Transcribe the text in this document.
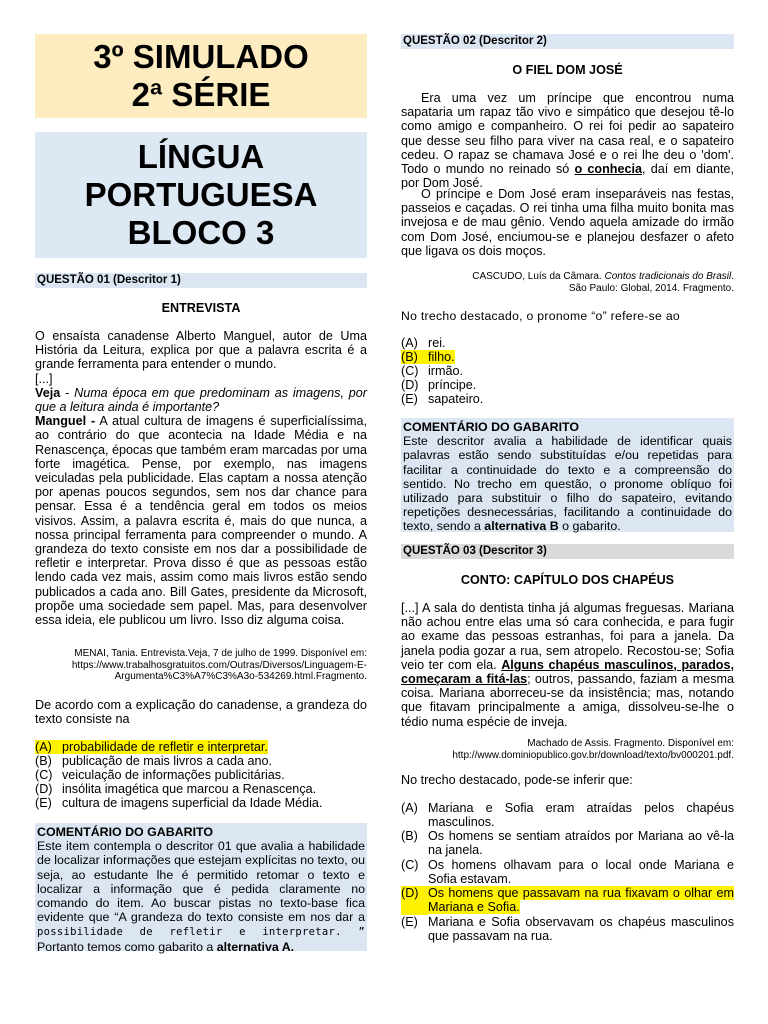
3º SIMULADO
2ª SÉRIE
LÍNGUA
PORTUGUESA
BLOCO 3
QUESTÃO 01 (Descritor 1)
ENTREVISTA
O ensaísta canadense Alberto Manguel, autor de Uma História da Leitura, explica por que a palavra escrita é a grande ferramenta para entender o mundo.
[...]
Veja - Numa época em que predominam as imagens, por que a leitura ainda é importante?
Manguel - A atual cultura de imagens é superficialíssima, ao contrário do que acontecia na Idade Média e na Renascença, épocas que também eram marcadas por uma forte imagética. Pense, por exemplo, nas imagens veiculadas pela publicidade. Elas captam a nossa atenção por apenas poucos segundos, sem nos dar chance para pensar. Essa é a tendência geral em todos os meios visivos. Assim, a palavra escrita é, mais do que nunca, a nossa principal ferramenta para compreender o mundo. A grandeza do texto consiste em nos dar a possibilidade de refletir e interpretar. Prova disso é que as pessoas estão lendo cada vez mais, assim como mais livros estão sendo publicados a cada ano. Bill Gates, presidente da Microsoft, propõe uma sociedade sem papel. Mas, para desenvolver essa ideia, ele publicou um livro. Isso diz alguma coisa.
MENAI, Tania. Entrevista.Veja, 7 de julho de 1999. Disponível em: https://www.trabalhosgratuitos.com/Outras/Diversos/Linguagem-E-Argumenta%C3%A7%C3%A3o-534269.html.Fragmento.
De acordo com a explicação do canadense, a grandeza do texto consiste na
(A) probabilidade de refletir e interpretar.
(B) publicação de mais livros a cada ano.
(C) veiculação de informações publicitárias.
(D) insólita imagética que marcou a Renascença.
(E) cultura de imagens superficial da Idade Média.
COMENTÁRIO DO GABARITO
Este item contempla o descritor 01 que avalia a habilidade de localizar informações que estejam explícitas no texto, ou seja, ao estudante lhe é permitido retomar o texto e localizar a informação que é pedida claramente no comando do item. Ao buscar pistas no texto-base fica evidente que “A grandeza do texto consiste em nos dar a possibilidade de refletir e interpretar. ” Portanto temos como gabarito a alternativa A.
QUESTÃO 02 (Descritor 2)
O FIEL DOM JOSÉ
Era uma vez um príncipe que encontrou numa sapataria um rapaz tão vivo e simpático que desejou tê-lo como amigo e companheiro. O rei foi pedir ao sapateiro que desse seu filho para viver na casa real, e o sapateiro cedeu. O rapaz se chamava José e o rei lhe deu o 'dom'. Todo o mundo no reinado só o conhecia, daí em diante, por Dom José.
O príncipe e Dom José eram inseparáveis nas festas, passeios e caçadas. O rei tinha uma filha muito bonita mas invejosa e de mau gênio. Vendo aquela amizade do irmão com Dom José, enciumou-se e planejou desfazer o afeto que ligava os dois moços.
CASCUDO, Luís da Câmara. Contos tradicionais do Brasil.
São Paulo: Global, 2014. Fragmento.
No trecho destacado, o pronome “o” refere-se ao
(A) rei.
(B) filho.
(C) irmão.
(D) príncipe.
(E) sapateiro.
COMENTÁRIO DO GABARITO
Este descritor avalia a habilidade de identificar quais palavras estão sendo substituídas e/ou repetidas para facilitar a continuidade do texto e a compreensão do sentido. No trecho em questão, o pronome oblíquo foi utilizado para substituir o filho do sapateiro, evitando repetições desnecessárias, facilitando a continuidade do texto, sendo a alternativa B o gabarito.
QUESTÃO 03 (Descritor 3)
CONTO: CAPÍTULO DOS CHAPÉUS
[...] A sala do dentista tinha já algumas freguesas. Mariana não achou entre elas uma só cara conhecida, e para fugir ao exame das pessoas estranhas, foi para a janela. Da janela podia gozar a rua, sem atropelo. Recostou-se; Sofia veio ter com ela. Alguns chapéus masculinos, parados, começaram a fitá-las; outros, passando, faziam a mesma coisa. Mariana aborreceu-se da insistência; mas, notando que fitavam principalmente a amiga, dissolveu-se-lhe o tédio numa espécie de inveja.
Machado de Assis. Fragmento. Disponível em:
http://www.dominiopublico.gov.br/download/texto/bv000201.pdf.
No trecho destacado, pode-se inferir que:
(A) Mariana e Sofia eram atraídas pelos chapéus masculinos.
(B) Os homens se sentiam atraídos por Mariana ao vê-la na janela.
(C) Os homens olhavam para o local onde Mariana e Sofia estavam.
(D) Os homens que passavam na rua fixavam o olhar em Mariana e Sofia.
(E) Mariana e Sofia observavam os chapéus masculinos que passavam na rua.
